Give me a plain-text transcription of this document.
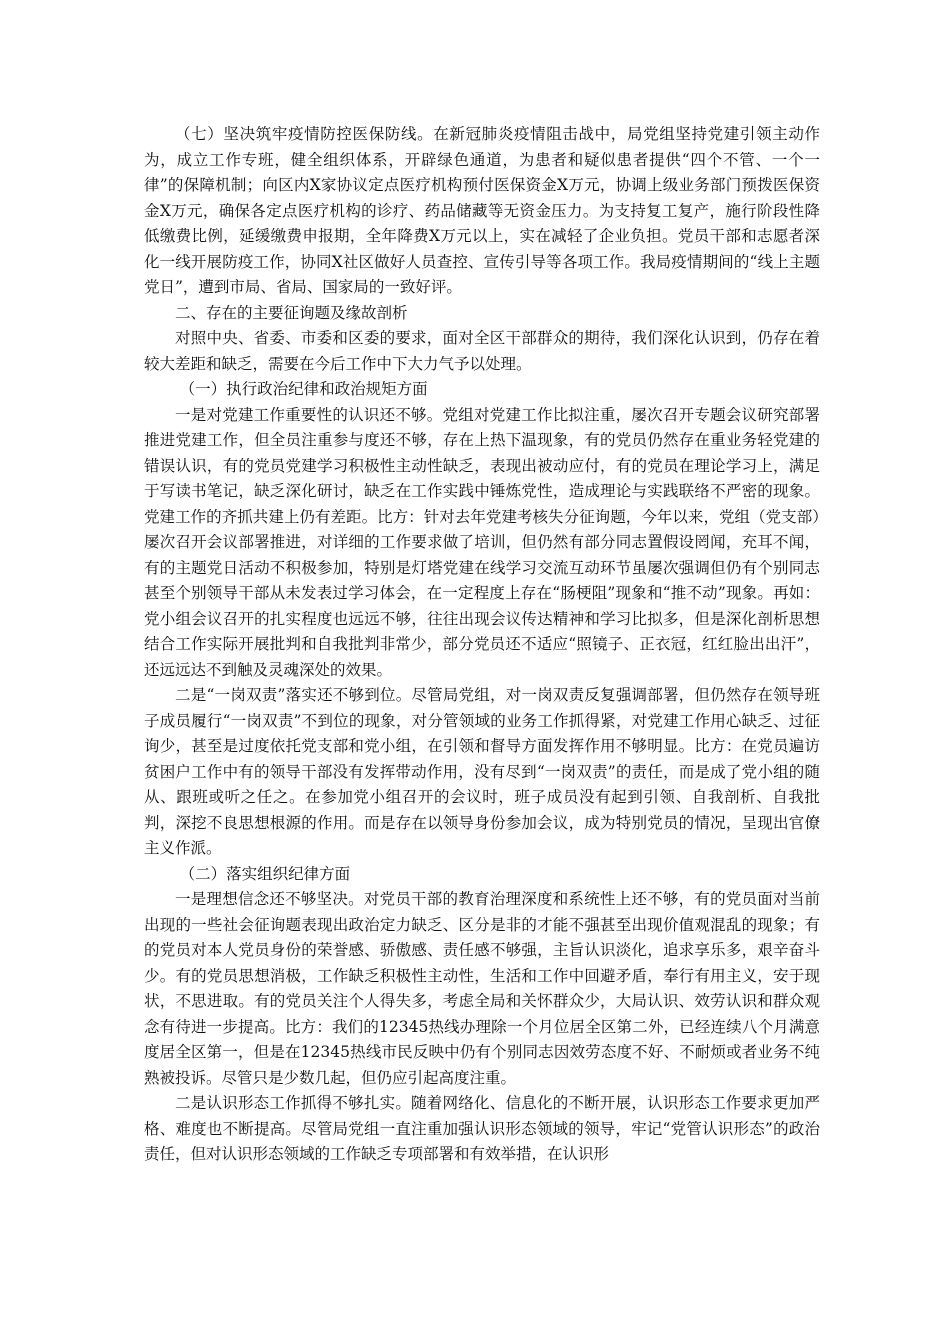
（七）坚决筑牢疫情防控医保防线。在新冠肺炎疫情阻击战中，局党组坚持党建引领主动作为，成立工作专班，健全组织体系，开辟绿色通道，为患者和疑似患者提供“四个不管、一个一律”的保障机制；向区内X家协议定点医疗机构预付医保资金X万元，协调上级业务部门预拨医保资金X万元，确保各定点医疗机构的诊疗、药品储藏等无资金压力。为支持复工复产，施行阶段性降低缴费比例，延缓缴费申报期，全年降费X万元以上，实在减轻了企业负担。党员干部和志愿者深化一线开展防疫工作，协同X社区做好人员查控、宣传引导等各项工作。我局疫情期间的“线上主题党日”，遭到市局、省局、国家局的一致好评。

二、存在的主要征询题及缘故剖析

对照中央、省委、市委和区委的要求，面对全区干部群众的期待，我们深化认识到，仍存在着较大差距和缺乏，需要在今后工作中下大力气予以处理。

（一）执行政治纪律和政治规矩方面

一是对党建工作重要性的认识还不够。党组对党建工作比拟注重，屡次召开专题会议研究部署推进党建工作，但全员注重参与度还不够，存在上热下温现象，有的党员仍然存在重业务轻党建的错误认识，有的党员党建学习积极性主动性缺乏，表现出被动应付，有的党员在理论学习上，满足于写读书笔记，缺乏深化研讨，缺乏在工作实践中锤炼党性，造成理论与实践联络不严密的现象。党建工作的齐抓共建上仍有差距。比方：针对去年党建考核失分征询题，今年以来，党组（党支部）屡次召开会议部署推进，对详细的工作要求做了培训，但仍然有部分同志置假设罔闻，充耳不闻，有的主题党日活动不积极参加，特别是灯塔党建在线学习交流互动环节虽屡次强调但仍有个别同志甚至个别领导干部从未发表过学习体会，在一定程度上存在“肠梗阻”现象和“推不动”现象。再如：党小组会议召开的扎实程度也远远不够，往往出现会议传达精神和学习比拟多，但是深化剖析思想结合工作实际开展批判和自我批判非常少，部分党员还不适应“照镜子、正衣冠，红红脸出出汗”，还远远达不到触及灵魂深处的效果。

二是“一岗双责”落实还不够到位。尽管局党组，对一岗双责反复强调部署，但仍然存在领导班子成员履行“一岗双责”不到位的现象，对分管领域的业务工作抓得紧，对党建工作用心缺乏、过征询少，甚至是过度依托党支部和党小组，在引领和督导方面发挥作用不够明显。比方：在党员遍访贫困户工作中有的领导干部没有发挥带动作用，没有尽到“一岗双责”的责任，而是成了党小组的随从、跟班或听之任之。在参加党小组召开的会议时，班子成员没有起到引领、自我剖析、自我批判，深挖不良思想根源的作用。而是存在以领导身份参加会议，成为特别党员的情况，呈现出官僚主义作派。

（二）落实组织纪律方面

一是理想信念还不够坚决。对党员干部的教育治理深度和系统性上还不够，有的党员面对当前出现的一些社会征询题表现出政治定力缺乏、区分是非的才能不强甚至出现价值观混乱的现象；有的党员对本人党员身份的荣誉感、骄傲感、责任感不够强，主旨认识淡化，追求享乐多，艰辛奋斗少。有的党员思想消极，工作缺乏积极性主动性，生活和工作中回避矛盾，奉行有用主义，安于现状，不思进取。有的党员关注个人得失多，考虑全局和关怀群众少，大局认识、效劳认识和群众观念有待进一步提高。比方：我们的12345热线办理除一个月位居全区第二外，已经连续八个月满意度居全区第一，但是在12345热线市民反映中仍有个别同志因效劳态度不好、不耐烦或者业务不纯熟被投诉。尽管只是少数几起，但仍应引起高度注重。

二是认识形态工作抓得不够扎实。随着网络化、信息化的不断开展，认识形态工作要求更加严格、难度也不断提高。尽管局党组一直注重加强认识形态领域的领导，牢记“党管认识形态”的政治责任，但对认识形态领域的工作缺乏专项部署和有效举措，在认识形
